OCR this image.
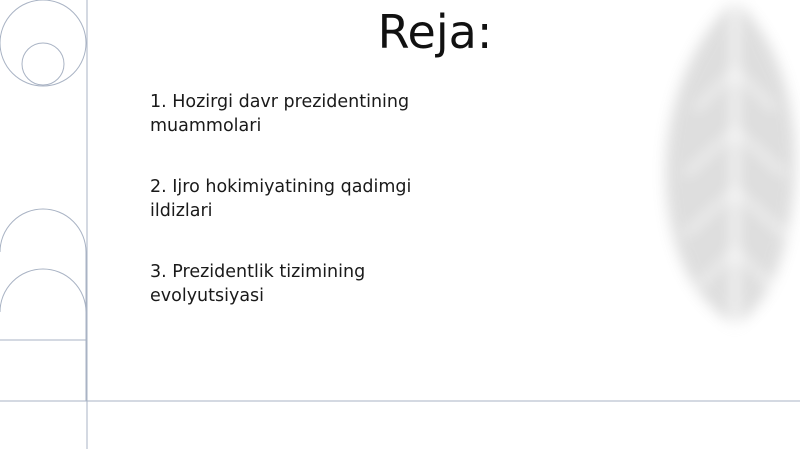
Reja:
1. Hozirgi davr prezidentining
muammolari
2. Ijro hokimiyatining qadimgi
ildizlari
3. Prezidentlik tizimining
evolyutsiyasi
